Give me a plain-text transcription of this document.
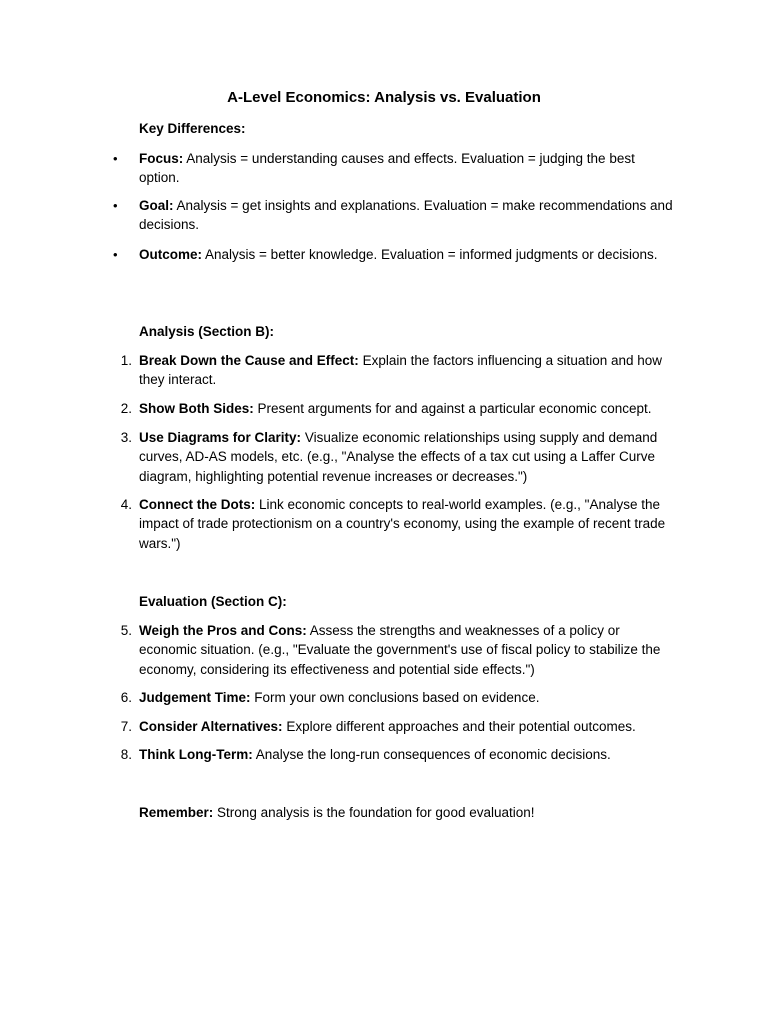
A-Level Economics: Analysis vs. Evaluation
Key Differences:
•	Focus: Analysis = understanding causes and effects. Evaluation = judging the best option.
•	Goal: Analysis = get insights and explanations. Evaluation = make recommendations and decisions.
•	Outcome: Analysis = better knowledge. Evaluation = informed judgments or decisions.
Analysis (Section B):
1. Break Down the Cause and Effect: Explain the factors influencing a situation and how they interact.
2. Show Both Sides: Present arguments for and against a particular economic concept.
3. Use Diagrams for Clarity: Visualize economic relationships using supply and demand curves, AD-AS models, etc. (e.g., "Analyse the effects of a tax cut using a Laffer Curve diagram, highlighting potential revenue increases or decreases.")
4. Connect the Dots: Link economic concepts to real-world examples. (e.g., "Analyse the impact of trade protectionism on a country's economy, using the example of recent trade wars.")
Evaluation (Section C):
5. Weigh the Pros and Cons: Assess the strengths and weaknesses of a policy or economic situation. (e.g., "Evaluate the government's use of fiscal policy to stabilize the economy, considering its effectiveness and potential side effects.")
6. Judgement Time: Form your own conclusions based on evidence.
7. Consider Alternatives: Explore different approaches and their potential outcomes.
8. Think Long-Term: Analyse the long-run consequences of economic decisions.
Remember: Strong analysis is the foundation for good evaluation!
